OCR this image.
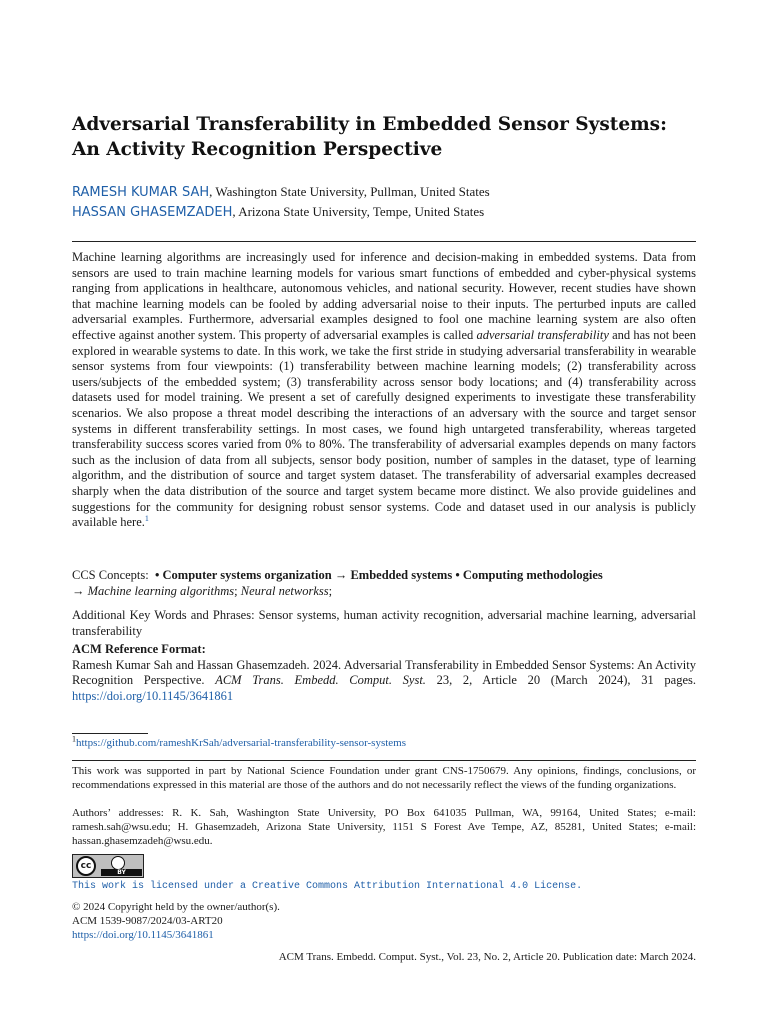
Adversarial Transferability in Embedded Sensor Systems: An Activity Recognition Perspective
RAMESH KUMAR SAH, Washington State University, Pullman, United States
HASSAN GHASEMZADEH, Arizona State University, Tempe, United States

Machine learning algorithms are increasingly used for inference and decision-making in embedded systems. Data from sensors are used to train machine learning models for various smart functions of embedded and cyber-physical systems ranging from applications in healthcare, autonomous vehicles, and national security. However, recent studies have shown that machine learning models can be fooled by adding adversarial noise to their inputs. The perturbed inputs are called adversarial examples. Furthermore, adversarial examples designed to fool one machine learning system are also often effective against another system. This property of adversarial examples is called adversarial transferability and has not been explored in wearable systems to date. In this work, we take the first stride in studying adversarial transferability in wearable sensor systems from four viewpoints: (1) transferability between machine learning models; (2) transferability across users/subjects of the embedded system; (3) transferability across sensor body locations; and (4) transferability across datasets used for model training. We present a set of carefully designed experiments to investigate these transferability scenarios. We also propose a threat model describing the interactions of an adversary with the source and target sensor systems in different transferability settings. In most cases, we found high untargeted transferability, whereas targeted transferability success scores varied from 0% to 80%. The transferability of adversarial examples depends on many factors such as the inclusion of data from all subjects, sensor body position, number of samples in the dataset, type of learning algorithm, and the distribution of source and target system dataset. The transferability of adversarial examples decreased sharply when the data distribution of the source and target system became more distinct. We also provide guidelines and suggestions for the community for designing robust sensor systems. Code and dataset used in our analysis is publicly available here.$^1$

CCS Concepts: • Computer systems organization → Embedded systems • Computing methodologies
→ Machine learning algorithms; Neural networkss;

Additional Key Words and Phrases: Sensor systems, human activity recognition, adversarial machine learning, adversarial transferability

ACM Reference Format:
Ramesh Kumar Sah and Hassan Ghasemzadeh. 2024. Adversarial Transferability in Embedded Sensor Systems: An Activity Recognition Perspective. ACM Trans. Embedd. Comput. Syst. 23, 2, Article 20 (March 2024), 31 pages. https://doi.org/10.1145/3641861
$^1$https://github.com/rameshKrSah/adversarial-transferability-sensor-systems

This work was supported in part by National Science Foundation under grant CNS-1750679. Any opinions, findings, conclusions, or recommendations expressed in this material are those of the authors and do not necessarily reflect the views of the funding organizations.

Authors’ addresses: R. K. Sah, Washington State University, PO Box 641035 Pullman, WA, 99164, United States; e-mail: ramesh.sah@wsu.edu; H. Ghasemzadeh, Arizona State University, 1151 S Forest Ave Tempe, AZ, 85281, United States; e-mail: hassan.ghasemzadeh@wsu.edu.

cc
BY
This work is licensed under a Creative Commons Attribution International 4.0 License.
© 2024 Copyright held by the owner/author(s).
ACM 1539-9087/2024/03-ART20
https://doi.org/10.1145/3641861
ACM Trans. Embedd. Comput. Syst., Vol. 23, No. 2, Article 20. Publication date: March 2024.
